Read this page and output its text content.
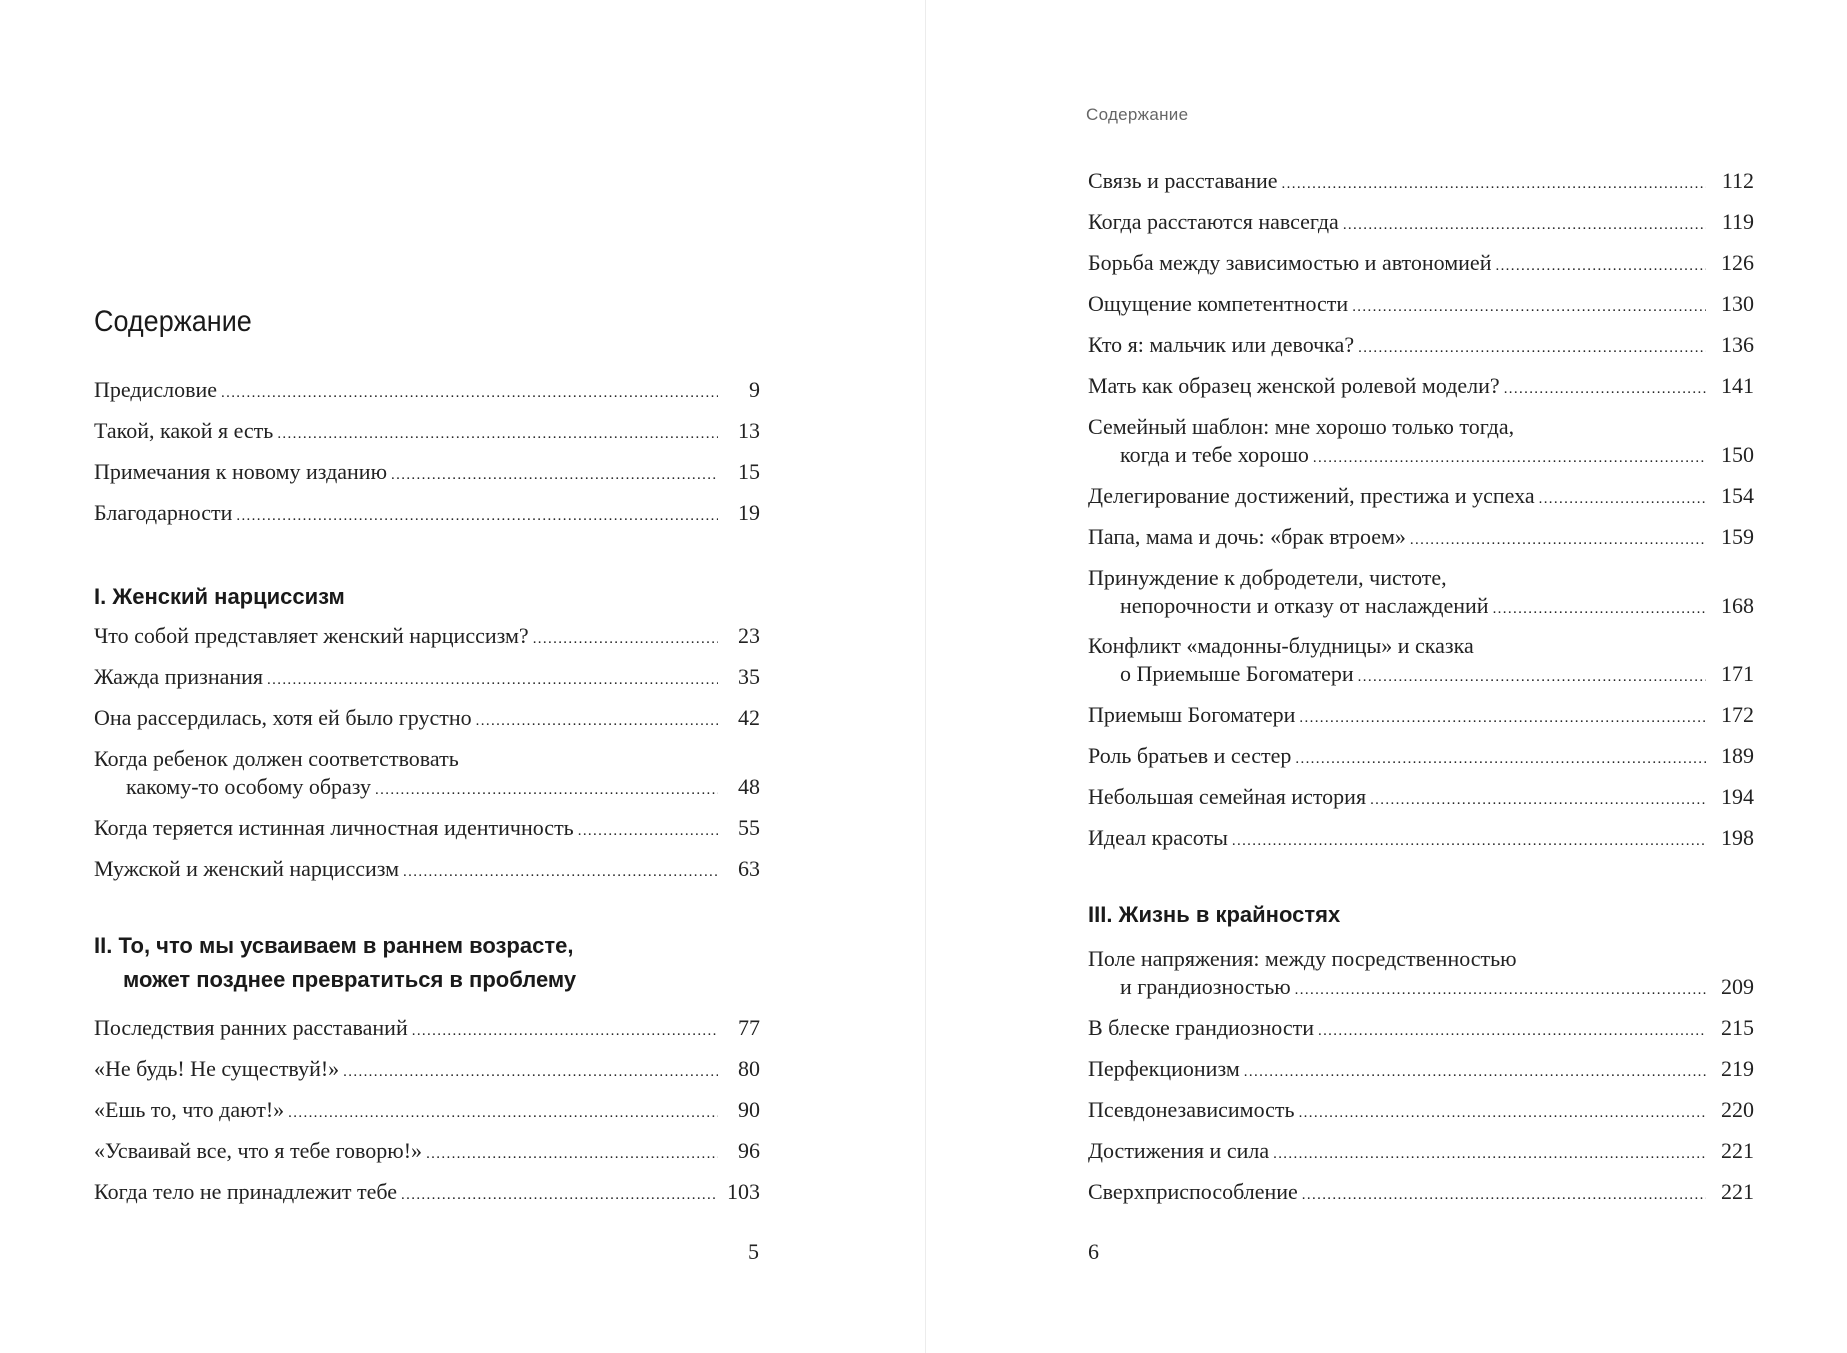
Содержание
Предисловие . . .	9
Такой, какой я есть . . .	13
Примечания к новому изданию . . .	15
Благодарности . . .	19
I. Женский нарциссизм
Что собой представляет женский нарциссизм? . . .	23
Жажда признания . . .	35
Она рассердилась, хотя ей было грустно . . .	42
Когда ребенок должен соответствовать
какому-то особому образу . . .	48
Когда теряется истинная личностная идентичность . . .	55
Мужской и женский нарциссизм . . .	63
II. То, что мы усваиваем в раннем возрасте,
может позднее превратиться в проблему
Последствия ранних расставаний . . .	77
«Не будь! Не существуй!» . . .	80
«Ешь то, что дают!» . . .	90
«Усваивай все, что я тебе говорю!» . . .	96
Когда тело не принадлежит тебе . . .	103
5
Содержание
Связь и расставание . . .	112
Когда расстаются навсегда . . .	119
Борьба между зависимостью и автономией . . .	126
Ощущение компетентности . . .	130
Кто я: мальчик или девочка? . . .	136
Мать как образец женской ролевой модели? . . .	141
Семейный шаблон: мне хорошо только тогда,
когда и тебе хорошо . . .	150
Делегирование достижений, престижа и успеха . . .	154
Папа, мама и дочь: «брак втроем» . . .	159
Принуждение к добродетели, чистоте,
непорочности и отказу от наслаждений . . .	168
Конфликт «мадонны-блудницы» и сказка
о Приемыше Богоматери . . .	171
Приемыш Богоматери . . .	172
Роль братьев и сестер . . .	189
Небольшая семейная история . . .	194
Идеал красоты . . .	198
III. Жизнь в крайностях
Поле напряжения: между посредственностью
и грандиозностью . . .	209
В блеске грандиозности . . .	215
Перфекционизм . . .	219
Псевдонезависимость . . .	220
Достижения и сила . . .	221
Сверхприспособление . . .	221
6
